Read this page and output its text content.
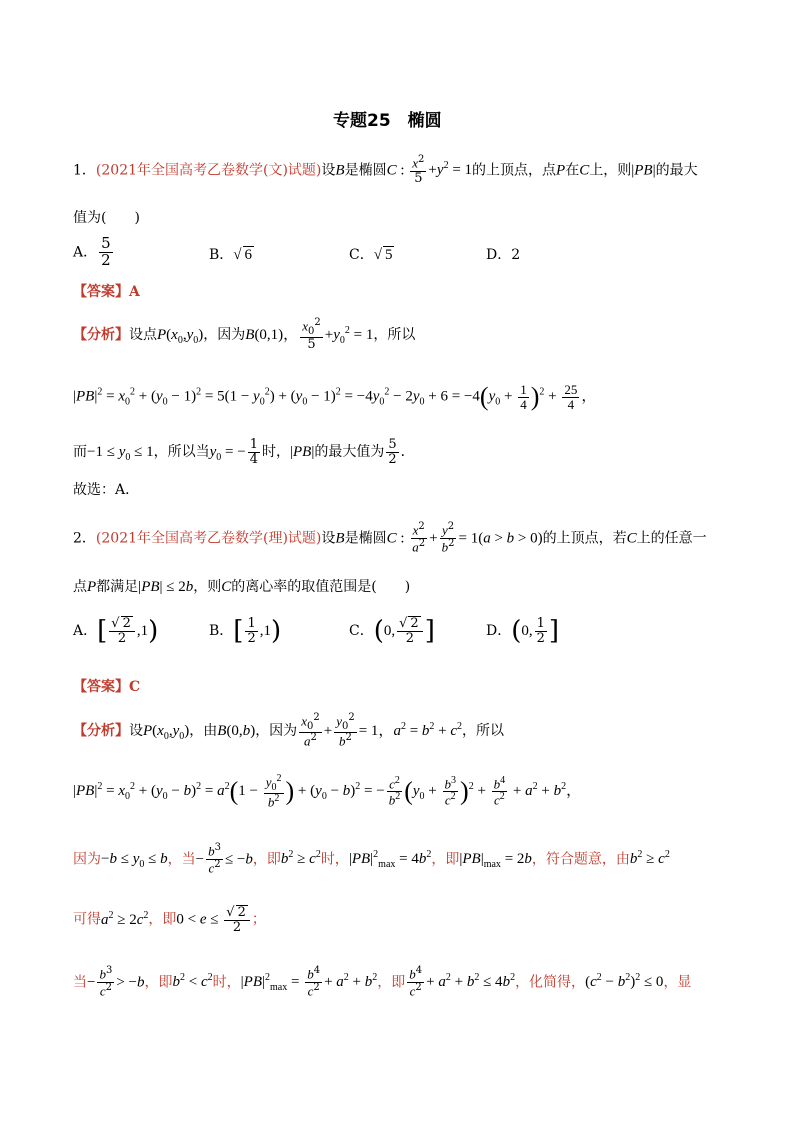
专题25　椭圆
1．(2021年全国高考乙卷数学(文)试题)设B是椭圆C : $\frac{x^2}{5} +y^2 = 1$的上顶点，点P在C上，则|PB|的最大
值为(　　)
A． $\frac{5}{2}$	B．√ 6	C．√ 5	D．2
【答案】A
【分析】设点$P(x_0,y_0)$，因为B(0,1)， $\frac{x_0^2}{5} +y_0^2 = 1$，所以
$|PB|^2 = x_0^2 + (y_0 - 1)^2 = 5(1 - y_0^2) + (y_0 - 1)^2 = -4y_0^2 - 2y_0 + 6 = -4(y_0 + \frac{1}{4} )^2 + \frac{25}{4}$ ，
而$-1 \le y_0 \le 1$，所以当$y_0$ = − $\frac{1}{4}$ 时，|PB|的最大值为 $\frac{5}{2}$ ．
故选：A．
2．(2021年全国高考乙卷数学(理)试题)设B是椭圆C : $\frac{x^2}{a^2} + \frac{y^2}{b^2} = 1(a > b > 0)$的上顶点，若C上的任意一
点P都满足|PB| ≤ 2b，则C的离心率的取值范围是(　　)
A．[ $\frac{√ 2}{2} ,1$)	B．[ $\frac{1}{2} ,1$)	C．(0, $\frac{√ 2}{2}$ ]	D．(0, $\frac{1}{2}$ ]
【答案】C
【分析】设$P(x_0,y_0)$，由B(0,b)，因为 $\frac{x_0^2}{a^2} + \frac{y_0^2}{b^2} = 1$，$a^2 = b^2 + c^2$，所以
$|PB|^2 = x_0^2 + (y_0 - b)^2 = a^2(1 - \frac{y_0^2}{b^2}$ ) + $(y_0 - b)^2$ = − $\frac{c^2}{b^2} (y_0 + \frac{b^3}{c^2} )^2 + \frac{b^4}{c^2} + a^2 + b^2$，
因为$-b \le y_0 \le b$，当− $\frac{b^3}{c^2} \le -b$，即$b^2 \ge c^2$时，$|PB|^2_{max} = 4b^2$，即$|PB|_{max} = 2b$，符合题意，由$b^2 \ge c^2$
可得$a^2 \ge 2c^2$，即$0 < e \le \frac{√ 2}{2}$ ；
当− $\frac{b^3}{c^2} > -b$，即$b^2 < c^2$时，$|PB|^2_{max} = \frac{b^4}{c^2} + a^2 + b^2$，即 $\frac{b^4}{c^2} + a^2 + b^2 \le 4b^2$，化简得，$(c^2 - b^2)^2 \le 0$，显
